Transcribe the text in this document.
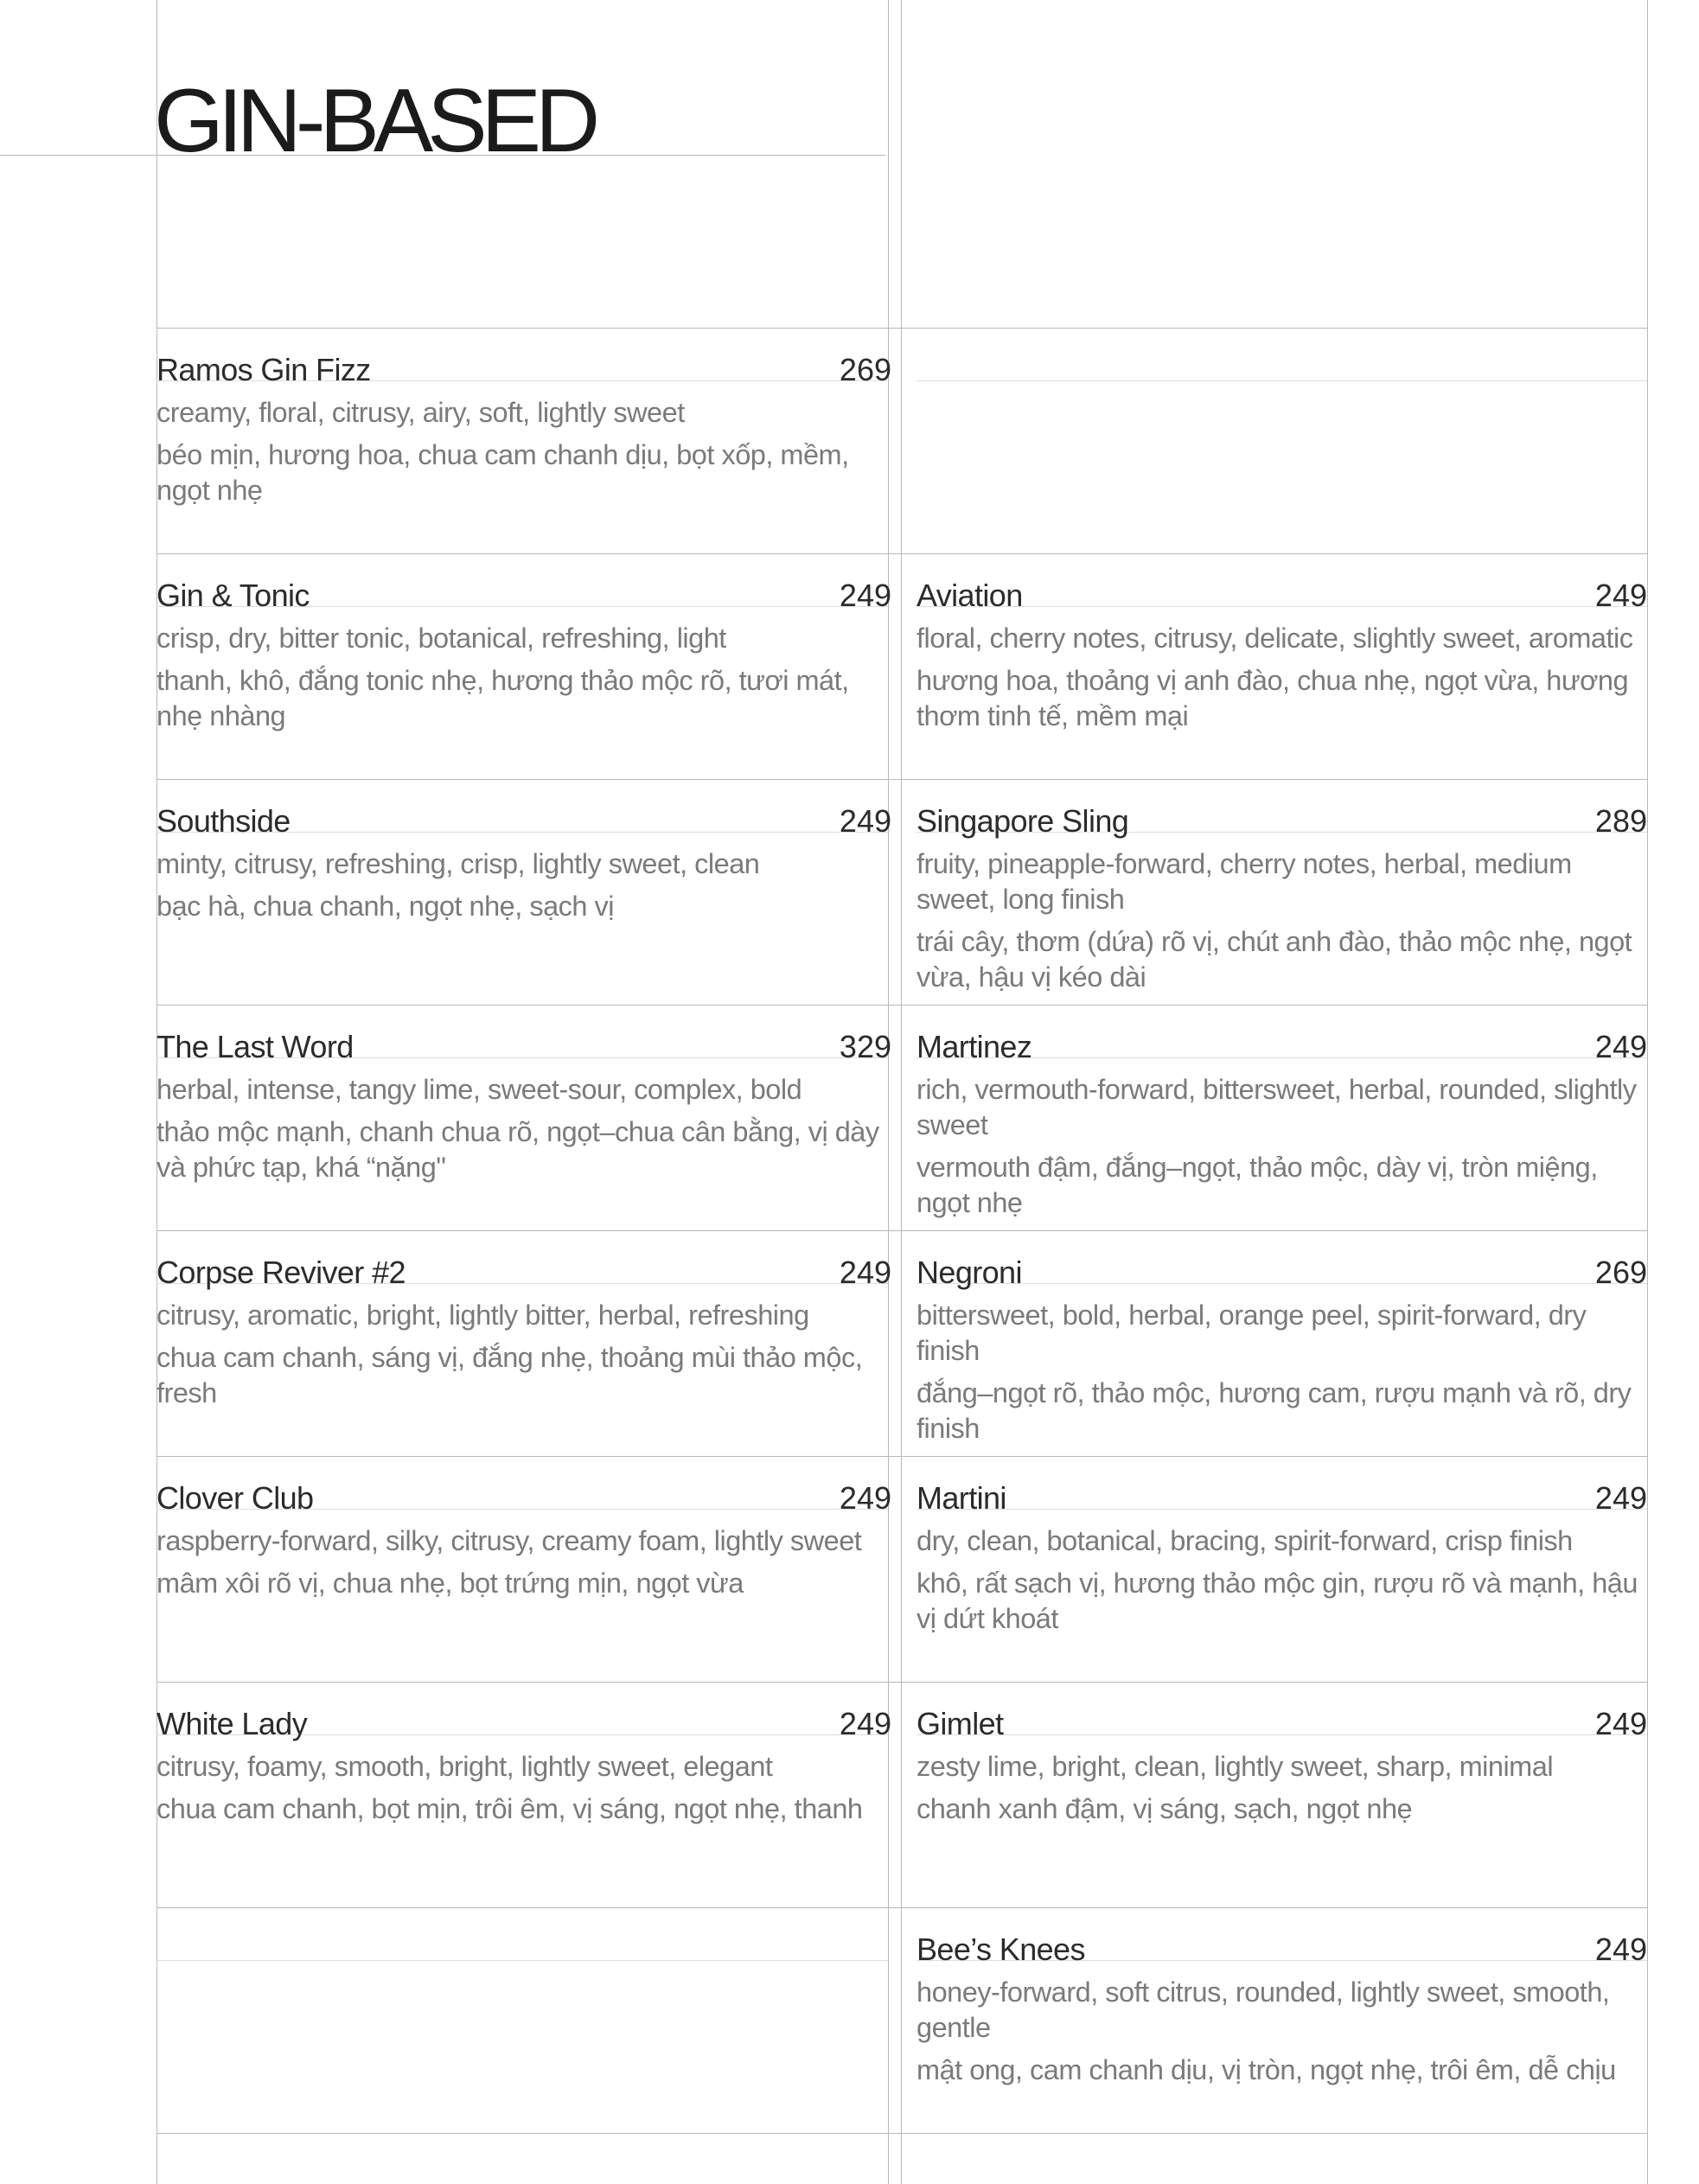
GIN-BASED
Ramos Gin Fizz	269

creamy, floral, citrusy, airy, soft, lightly sweet

béo mịn, hương hoa, chua cam chanh dịu, bọt xốp, mềm, ngọt nhẹ

Gin & Tonic	249

crisp, dry, bitter tonic, botanical, refreshing, light

thanh, khô, đắng tonic nhẹ, hương thảo mộc rõ, tươi mát, nhẹ nhàng

Aviation	249

floral, cherry notes, citrusy, delicate, slightly sweet, aromatic

hương hoa, thoảng vị anh đào, chua nhẹ, ngọt vừa, hương thơm tinh tế, mềm mại

Southside	249

minty, citrusy, refreshing, crisp, lightly sweet, clean

bạc hà, chua chanh, ngọt nhẹ, sạch vị

Singapore Sling	289

fruity, pineapple-forward, cherry notes, herbal, medium sweet, long finish

trái cây, thơm (dứa) rõ vị, chút anh đào, thảo mộc nhẹ, ngọt vừa, hậu vị kéo dài

The Last Word	329

herbal, intense, tangy lime, sweet-sour, complex, bold

thảo mộc mạnh, chanh chua rõ, ngọt–chua cân bằng, vị dày và phức tạp, khá “nặng"

Martinez	249

rich, vermouth-forward, bittersweet, herbal, rounded, slightly sweet

vermouth đậm, đắng–ngọt, thảo mộc, dày vị, tròn miệng, ngọt nhẹ

Corpse Reviver #2	249

citrusy, aromatic, bright, lightly bitter, herbal, refreshing

chua cam chanh, sáng vị, đắng nhẹ, thoảng mùi thảo mộc, fresh

Negroni	269

bittersweet, bold, herbal, orange peel, spirit-forward, dry finish

đắng–ngọt rõ, thảo mộc, hương cam, rượu mạnh và rõ, dry finish

Clover Club	249

raspberry-forward, silky, citrusy, creamy foam, lightly sweet

mâm xôi rõ vị, chua nhẹ, bọt trứng mịn, ngọt vừa

Martini	249

dry, clean, botanical, bracing, spirit-forward, crisp finish

khô, rất sạch vị, hương thảo mộc gin, rượu rõ và mạnh, hậu vị dứt khoát

White Lady	249

citrusy, foamy, smooth, bright, lightly sweet, elegant

chua cam chanh, bọt mịn, trôi êm, vị sáng, ngọt nhẹ, thanh

Gimlet	249

zesty lime, bright, clean, lightly sweet, sharp, minimal

chanh xanh đậm, vị sáng, sạch, ngọt nhẹ

Bee’s Knees	249

honey-forward, soft citrus, rounded, lightly sweet, smooth, gentle

mật ong, cam chanh dịu, vị tròn, ngọt nhẹ, trôi êm, dễ chịu
